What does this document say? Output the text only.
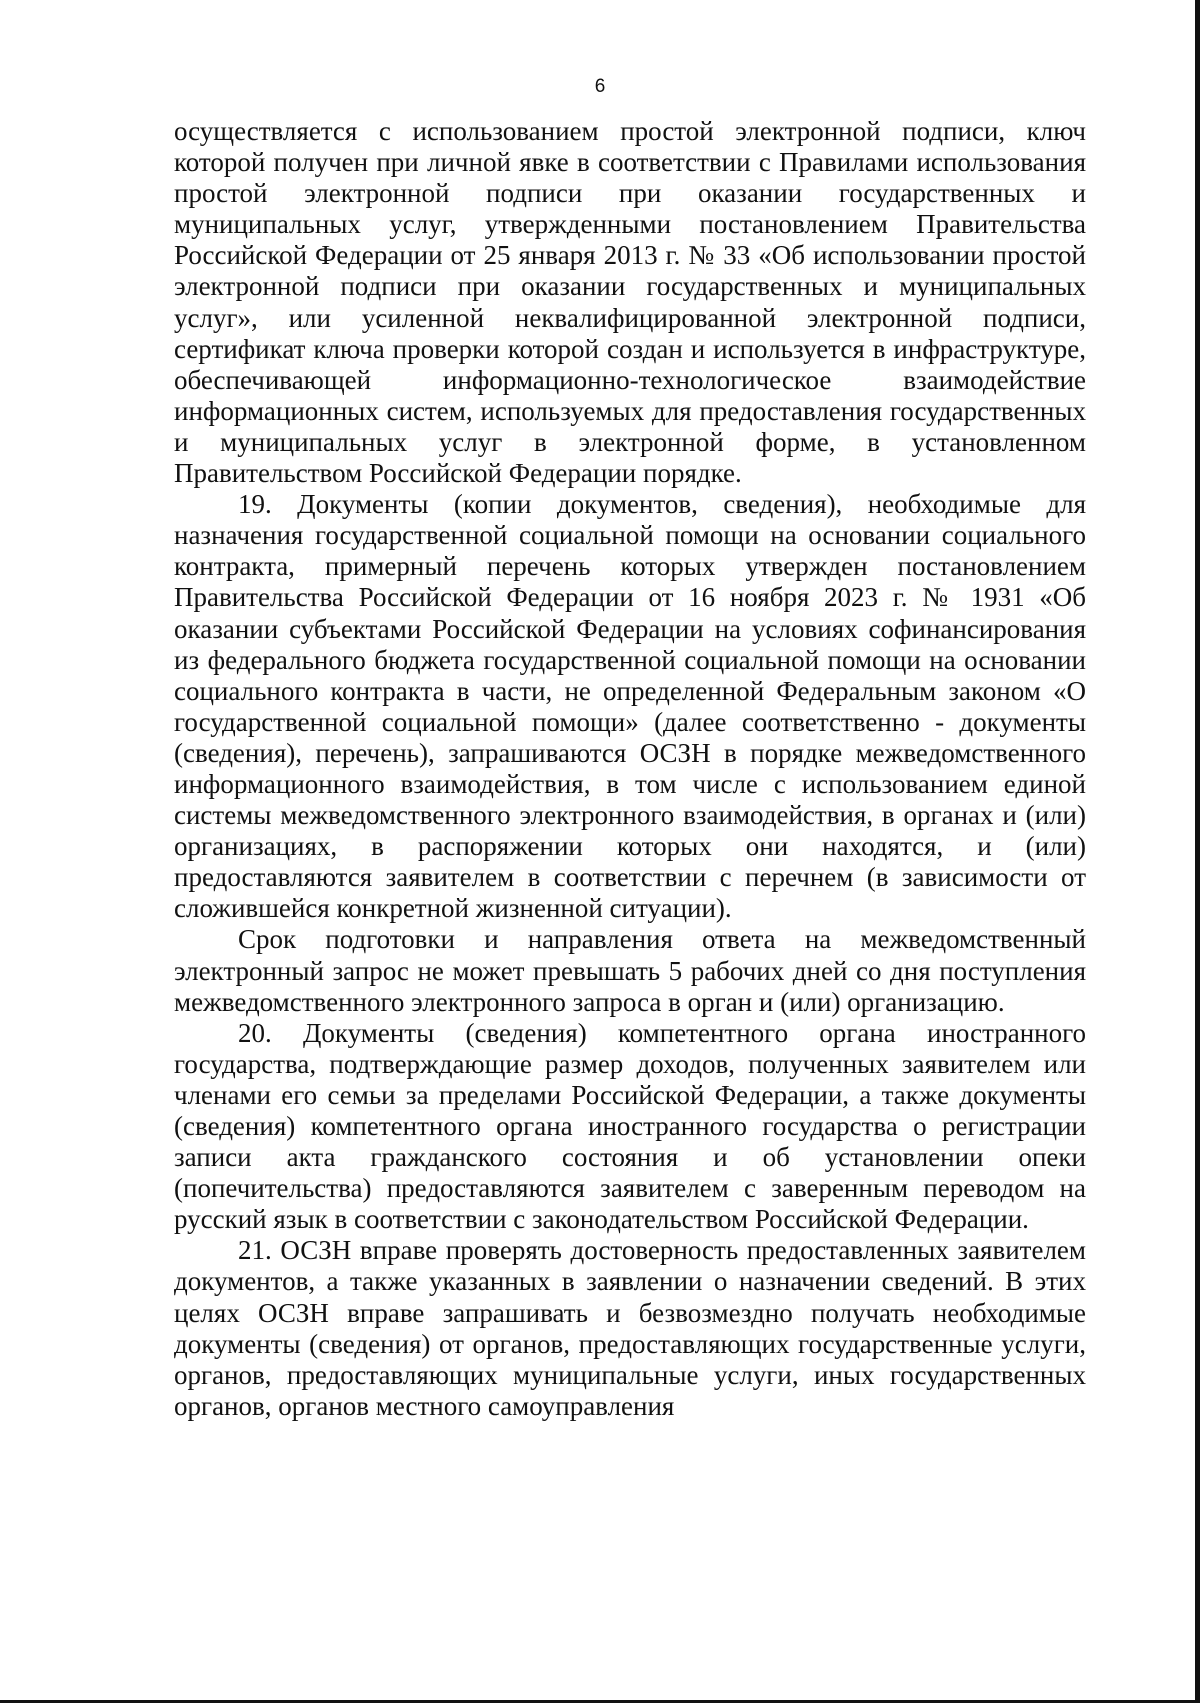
6

осуществляется с использованием простой электронной подписи, ключ которой получен при личной явке в соответствии с Правилами использования простой электронной подписи при оказании государственных и муниципальных услуг, утвержденными постановлением Правительства Российской Федерации от 25 января 2013 г. № 33 «Об использовании простой электронной подписи при оказании государственных и муниципальных услуг», или усиленной неквалифицированной электронной подписи, сертификат ключа проверки которой создан и используется в инфраструктуре, обеспечивающей информационно-технологическое взаимодействие информационных систем, используемых для предоставления государственных и муниципальных услуг в электронной форме, в установленном Правительством Российской Федерации порядке.

19. Документы (копии документов, сведения), необходимые для назначения государственной социальной помощи на основании социального контракта, примерный перечень которых утвержден постановлением Правительства Российской Федерации от 16 ноября 2023 г. № 1931 «Об оказании субъектами Российской Федерации на условиях софинансирования из федерального бюджета государственной социальной помощи на основании социального контракта в части, не определенной Федеральным законом «О государственной социальной помощи» (далее соответственно - документы (сведения), перечень), запрашиваются ОСЗН в порядке межведомственного информационного взаимодействия, в том числе с использованием единой системы межведомственного электронного взаимодействия, в органах и (или) организациях, в распоряжении которых они находятся, и (или) предоставляются заявителем в соответствии с перечнем (в зависимости от сложившейся конкретной жизненной ситуации).

Срок подготовки и направления ответа на межведомственный электронный запрос не может превышать 5 рабочих дней со дня поступления межведомственного электронного запроса в орган и (или) организацию.

20. Документы (сведения) компетентного органа иностранного государства, подтверждающие размер доходов, полученных заявителем или членами его семьи за пределами Российской Федерации, а также документы (сведения) компетентного органа иностранного государства о регистрации записи акта гражданского состояния и об установлении опеки (попечительства) предоставляются заявителем с заверенным переводом на русский язык в соответствии с законодательством Российской Федерации.

21. ОСЗН вправе проверять достоверность предоставленных заявителем документов, а также указанных в заявлении о назначении сведений. В этих целях ОСЗН вправе запрашивать и безвозмездно получать необходимые документы (сведения) от органов, предоставляющих государственные услуги, органов, предоставляющих муниципальные услуги, иных государственных органов, органов местного самоуправления
